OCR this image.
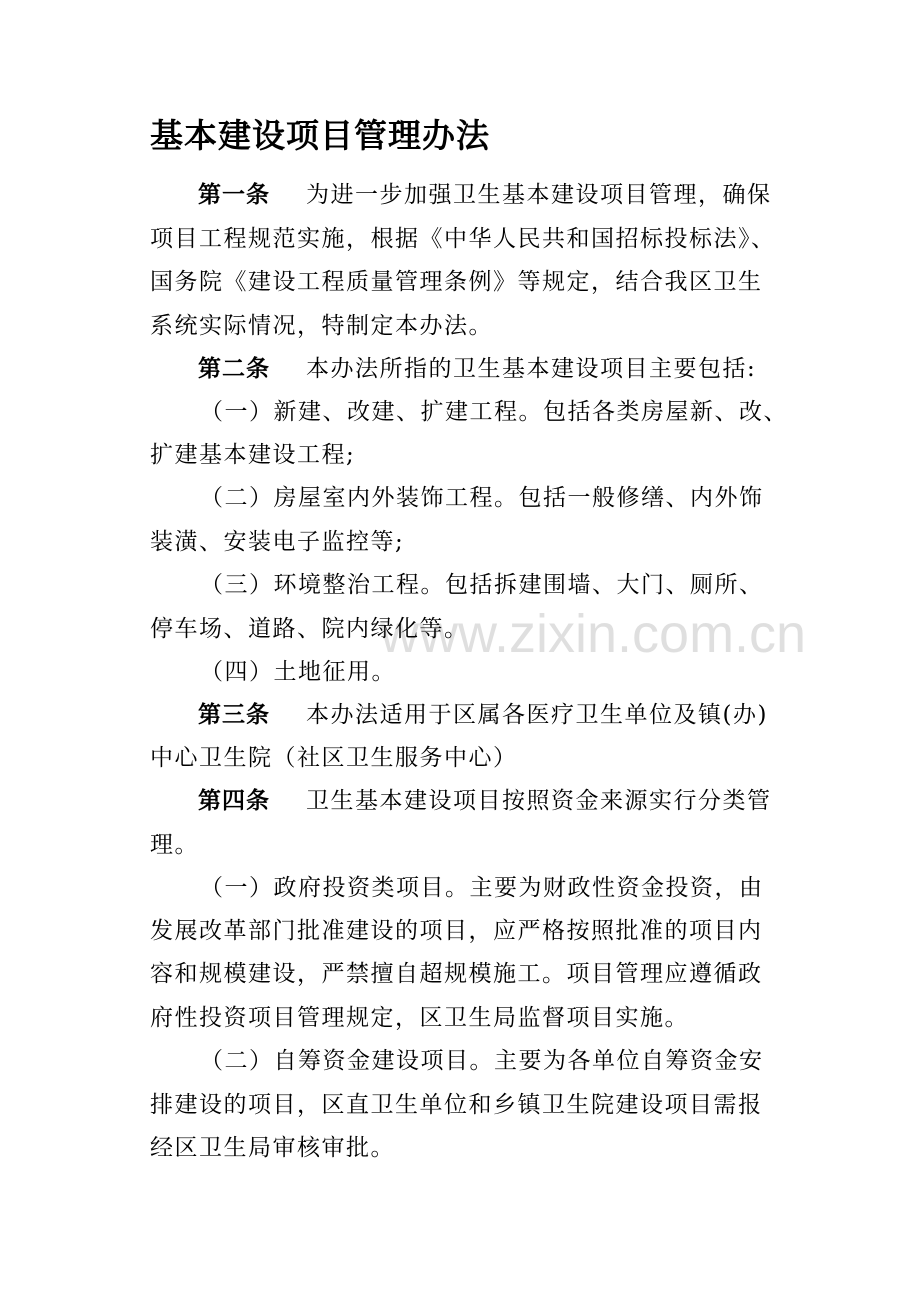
基本建设项目管理办法
第一条 为进一步加强卫生基本建设项目管理，确保
项目工程规范实施，根据《中华人民共和国招标投标法》、
国务院《建设工程质量管理条例》等规定，结合我区卫生
系统实际情况，特制定本办法。
第二条 本办法所指的卫生基本建设项目主要包括:
（一）新建、改建、扩建工程。包括各类房屋新、改、
扩建基本建设工程;
（二）房屋室内外装饰工程。包括一般修缮、内外饰
装潢、安装电子监控等;
（三）环境整治工程。包括拆建围墙、大门、厕所、
停车场、道路、院内绿化等。
（四）土地征用。
第三条 本办法适用于区属各医疗卫生单位及镇(办)
中心卫生院（社区卫生服务中心）
第四条 卫生基本建设项目按照资金来源实行分类管
理。
（一）政府投资类项目。主要为财政性资金投资，由
发展改革部门批准建设的项目，应严格按照批准的项目内
容和规模建设，严禁擅自超规模施工。项目管理应遵循政
府性投资项目管理规定，区卫生局监督项目实施。
（二）自筹资金建设项目。主要为各单位自筹资金安
排建设的项目，区直卫生单位和乡镇卫生院建设项目需报
经区卫生局审核审批。
www.zixin.com.cn
